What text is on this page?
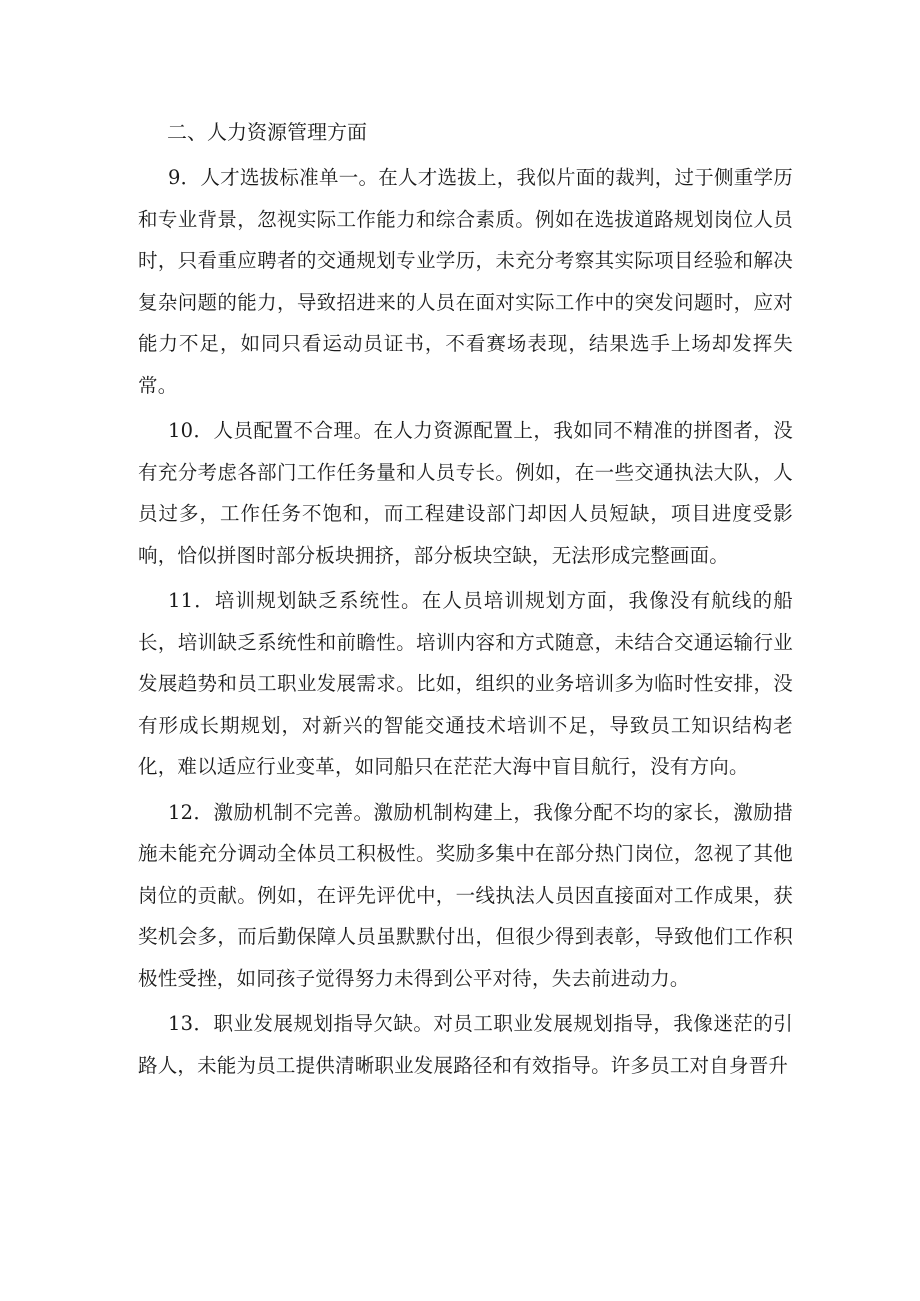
二、人力资源管理方面

9．人才选拔标准单一。在人才选拔上，我似片面的裁判，过于侧重学历和专业背景，忽视实际工作能力和综合素质。例如在选拔道路规划岗位人员时，只看重应聘者的交通规划专业学历，未充分考察其实际项目经验和解决复杂问题的能力，导致招进来的人员在面对实际工作中的突发问题时，应对能力不足，如同只看运动员证书，不看赛场表现，结果选手上场却发挥失常。

10．人员配置不合理。在人力资源配置上，我如同不精准的拼图者，没有充分考虑各部门工作任务量和人员专长。例如，在一些交通执法大队，人员过多，工作任务不饱和，而工程建设部门却因人员短缺，项目进度受影响，恰似拼图时部分板块拥挤，部分板块空缺，无法形成完整画面。

11．培训规划缺乏系统性。在人员培训规划方面，我像没有航线的船长，培训缺乏系统性和前瞻性。培训内容和方式随意，未结合交通运输行业发展趋势和员工职业发展需求。比如，组织的业务培训多为临时性安排，没有形成长期规划，对新兴的智能交通技术培训不足，导致员工知识结构老化，难以适应行业变革，如同船只在茫茫大海中盲目航行，没有方向。

12．激励机制不完善。激励机制构建上，我像分配不均的家长，激励措施未能充分调动全体员工积极性。奖励多集中在部分热门岗位，忽视了其他岗位的贡献。例如，在评先评优中，一线执法人员因直接面对工作成果，获奖机会多，而后勤保障人员虽默默付出，但很少得到表彰，导致他们工作积极性受挫，如同孩子觉得努力未得到公平对待，失去前进动力。

13．职业发展规划指导欠缺。对员工职业发展规划指导，我像迷茫的引路人，未能为员工提供清晰职业发展路径和有效指导。许多员工对自身晋升
